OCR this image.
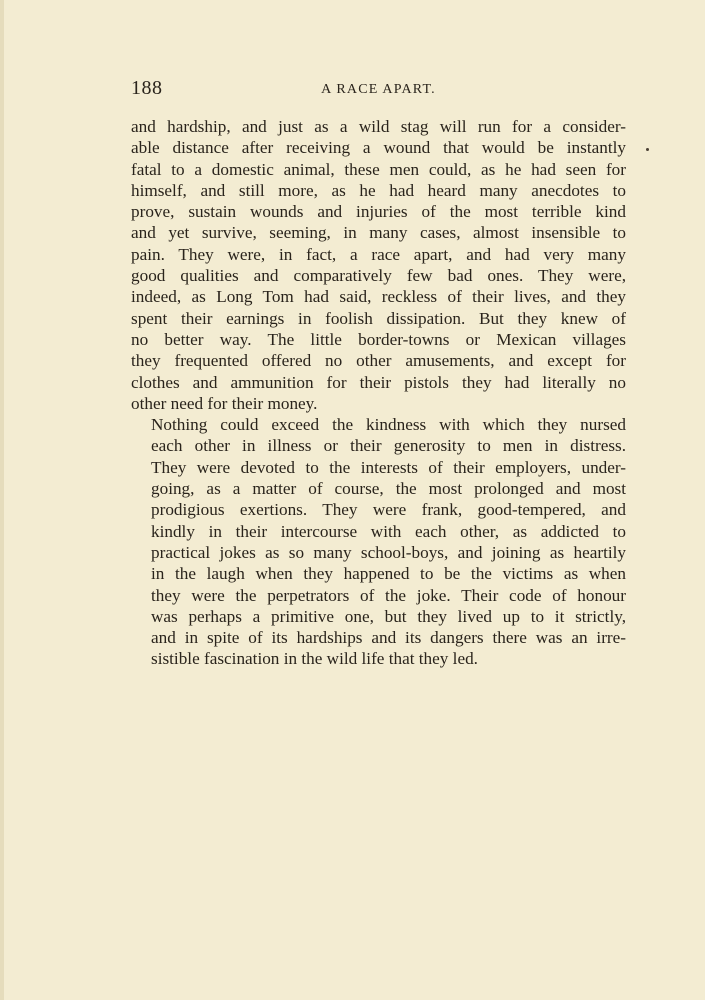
188	A RACE APART.

and hardship, and just as a wild stag will run for a consider-
able distance after receiving a wound that would be instantly
fatal to a domestic animal, these men could, as he had seen for
himself, and still more, as he had heard many anecdotes to
prove, sustain wounds and injuries of the most terrible kind
and yet survive, seeming, in many cases, almost insensible to
pain. They were, in fact, a race apart, and had very many
good qualities and comparatively few bad ones. They were,
indeed, as Long Tom had said, reckless of their lives, and they
spent their earnings in foolish dissipation. But they knew of
no better way. The little border-towns or Mexican villages
they frequented offered no other amusements, and except for
clothes and ammunition for their pistols they had literally no
other need for their money.

Nothing could exceed the kindness with which they nursed
each other in illness or their generosity to men in distress.
They were devoted to the interests of their employers, under-
going, as a matter of course, the most prolonged and most
prodigious exertions. They were frank, good-tempered, and
kindly in their intercourse with each other, as addicted to
practical jokes as so many school-boys, and joining as heartily
in the laugh when they happened to be the victims as when
they were the perpetrators of the joke. Their code of honour
was perhaps a primitive one, but they lived up to it strictly,
and in spite of its hardships and its dangers there was an irre-
sistible fascination in the wild life that they led.
